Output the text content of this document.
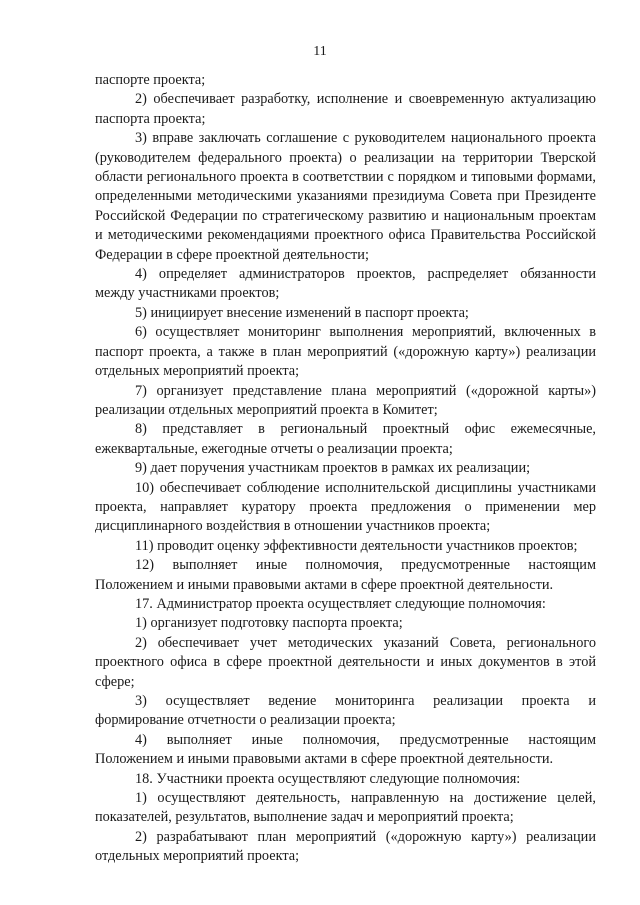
11

паспорте проекта;

2) обеспечивает разработку, исполнение и своевременную актуализацию паспорта проекта;

3) вправе заключать соглашение с руководителем национального проекта (руководителем федерального проекта) о реализации на территории Тверской области регионального проекта в соответствии с порядком и типовыми формами, определенными методическими указаниями президиума Совета при Президенте Российской Федерации по стратегическому развитию и национальным проектам и методическими рекомендациями проектного офиса Правительства Российской Федерации в сфере проектной деятельности;

4) определяет администраторов проектов, распределяет обязанности между участниками проектов;

5) инициирует внесение изменений в паспорт проекта;

6) осуществляет мониторинг выполнения мероприятий, включенных в паспорт проекта, а также в план мероприятий («дорожную карту») реализации отдельных мероприятий проекта;

7) организует представление плана мероприятий («дорожной карты») реализации отдельных мероприятий проекта в Комитет;

8) представляет в региональный проектный офис ежемесячные, ежеквартальные, ежегодные отчеты о реализации проекта;

9) дает поручения участникам проектов в рамках их реализации;

10) обеспечивает соблюдение исполнительской дисциплины участниками проекта, направляет куратору проекта предложения о применении мер дисциплинарного воздействия в отношении участников проекта;

11) проводит оценку эффективности деятельности участников проектов;

12) выполняет иные полномочия, предусмотренные настоящим Положением и иными правовыми актами в сфере проектной деятельности.

17. Администратор проекта осуществляет следующие полномочия:

1) организует подготовку паспорта проекта;

2) обеспечивает учет методических указаний Совета, регионального проектного офиса в сфере проектной деятельности и иных документов в этой сфере;

3) осуществляет ведение мониторинга реализации проекта и формирование отчетности о реализации проекта;

4) выполняет иные полномочия, предусмотренные настоящим Положением и иными правовыми актами в сфере проектной деятельности.

18. Участники проекта осуществляют следующие полномочия:

1) осуществляют деятельность, направленную на достижение целей, показателей, результатов, выполнение задач и мероприятий проекта;

2) разрабатывают план мероприятий («дорожную карту») реализации отдельных мероприятий проекта;
